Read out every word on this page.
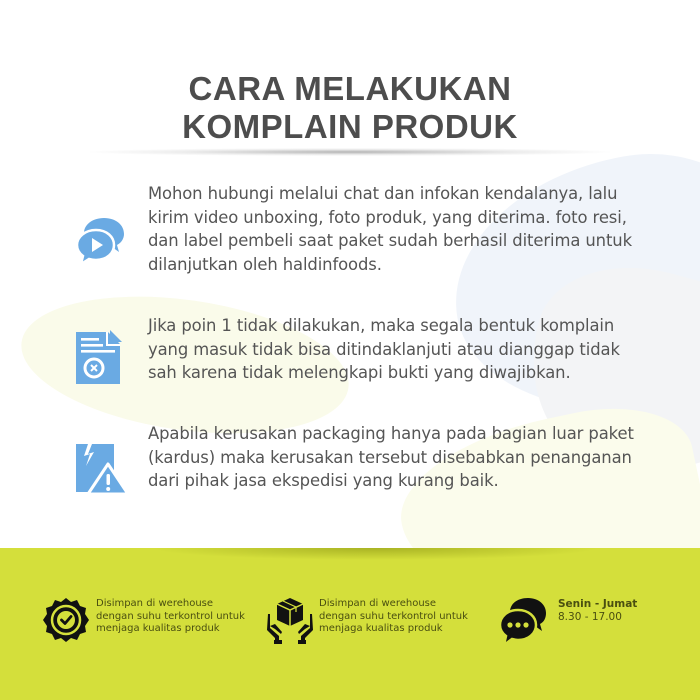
CARA MELAKUKAN
KOMPLAIN PRODUK

Mohon hubungi melalui chat dan infokan kendalanya, lalu kirim video unboxing, foto produk, yang diterima. foto resi, dan label pembeli saat paket sudah berhasil diterima untuk dilanjutkan oleh haldinfoods.

Jika poin 1 tidak dilakukan, maka segala bentuk komplain yang masuk tidak bisa ditindaklanjuti atau dianggap tidak sah karena tidak melengkapi bukti yang diwajibkan.

Apabila kerusakan packaging hanya pada bagian luar paket (kardus) maka kerusakan tersebut disebabkan penanganan dari pihak jasa ekspedisi yang kurang baik.

Disimpan di werehouse dengan suhu terkontrol untuk menjaga kualitas produk
Disimpan di werehouse dengan suhu terkontrol untuk menjaga kualitas produk
Senin - Jumat
8.30 - 17.00
